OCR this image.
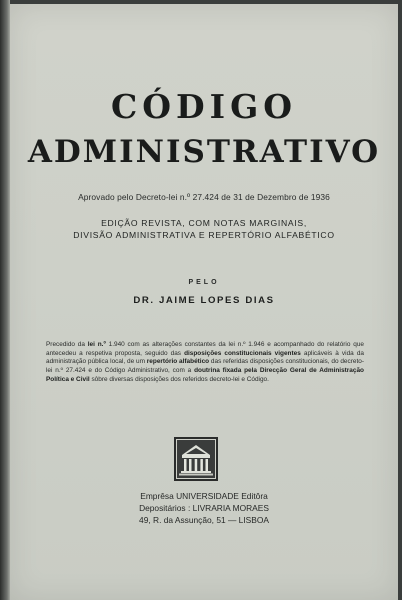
CÓDIGO
ADMINISTRATIVO
Aprovado pelo Decreto-lei n.º 27.424 de 31 de Dezembro de 1936
EDIÇÃO REVISTA, COM NOTAS MARGINAIS,
DIVISÃO ADMINISTRATIVA E REPERTÓRIO ALFABÉTICO
PELO
DR. JAIME LOPES DIAS
Precedido da lei n.º 1.940 com as alterações constantes da lei n.º 1.946 e acompanhado do relatório que antecedeu a respetiva proposta, seguido das disposições constitucionais vigentes aplicáveis à vida da administração pública local, de um repertório alfabético das referidas disposições constitucionais, do decreto-lei n.º 27.424 e do Código Administrativo, com a doutrina fixada pela Direcção Geral de Administração Política e Civil sôbre diversas disposições dos referidos decreto-lei e Código.
Emprêsa UNIVERSIDADE Editôra
Depositários : LIVRARIA MORAES
49, R. da Assunção, 51 — LISBOA
